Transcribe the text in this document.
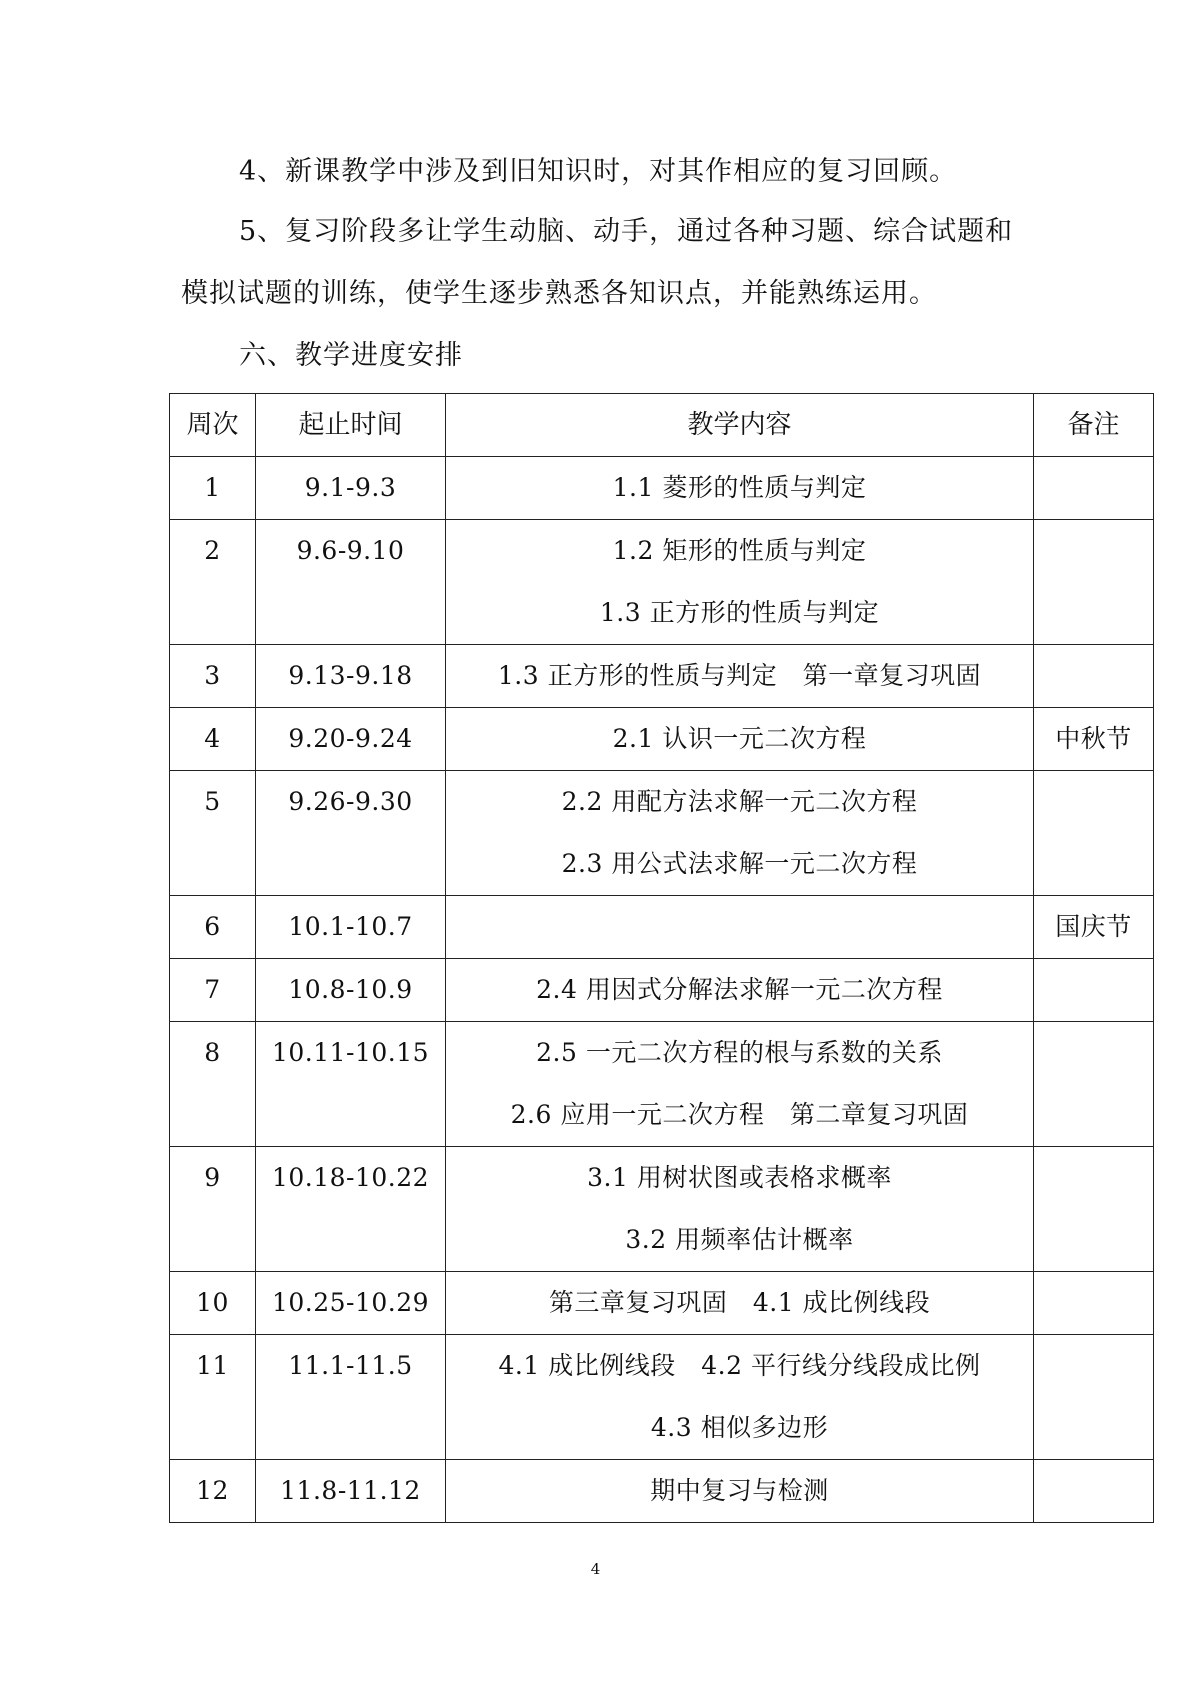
4、新课教学中涉及到旧知识时，对其作相应的复习回顾。
5、复习阶段多让学生动脑、动手，通过各种习题、综合试题和
模拟试题的训练，使学生逐步熟悉各知识点，并能熟练运用。
六、教学进度安排
周次	起止时间	教学内容	备注

1	9.1-9.3	1.1 菱形的性质与判定	

2	9.6-9.10	1.2 矩形的性质与判定
1.3 正方形的性质与判定	

3	9.13-9.18	1.3 正方形的性质与判定　第一章复习巩固	

4	9.20-9.24	2.1 认识一元二次方程	中秋节

5	9.26-9.30	2.2 用配方法求解一元二次方程
2.3 用公式法求解一元二次方程	

6	10.1-10.7		国庆节

7	10.8-10.9	2.4 用因式分解法求解一元二次方程	

8	10.11-10.15	2.5 一元二次方程的根与系数的关系
2.6 应用一元二次方程　第二章复习巩固	

9	10.18-10.22	3.1 用树状图或表格求概率
3.2 用频率估计概率	

10	10.25-10.29	第三章复习巩固　4.1 成比例线段	

11	11.1-11.5	4.1 成比例线段　4.2 平行线分线段成比例
4.3 相似多边形	

12	11.8-11.12	期中复习与检测	

4
